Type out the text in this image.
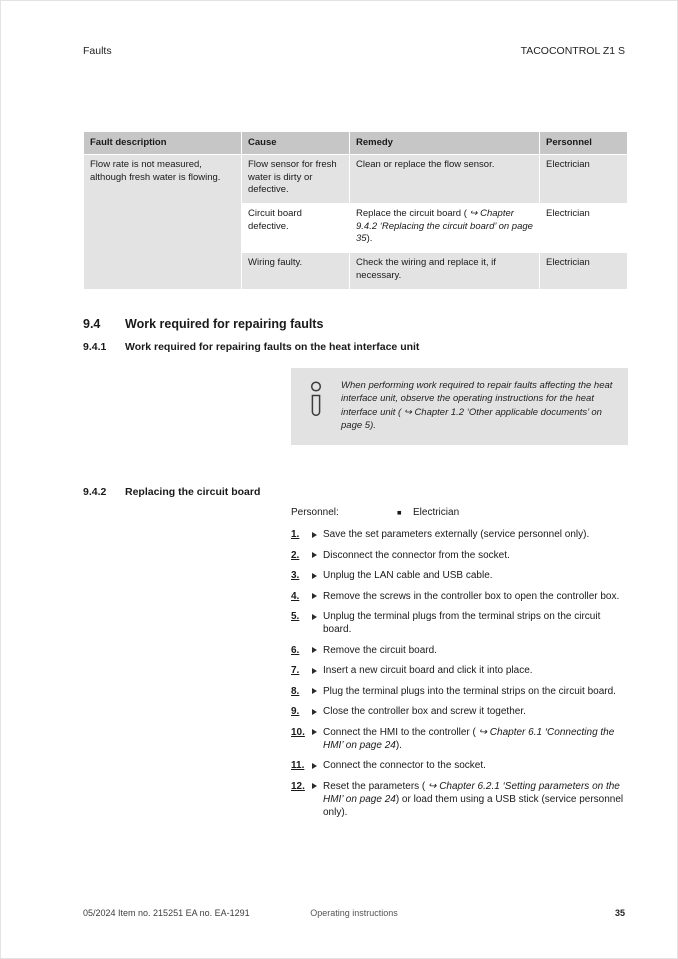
Faults	TACOCONTROL Z1 S
Fault description	Cause	Remedy	Personnel
Flow rate is not measured, although fresh water is flowing.	Flow sensor for fresh water is dirty or defective.	Clean or replace the flow sensor.	Electrician
	Circuit board defective.	Replace the circuit board ( ↪ Chapter 9.4.2 ‘Replacing the circuit board’ on page 35).	Electrician
	Wiring faulty.	Check the wiring and replace it, if necessary.	Electrician
9.4	Work required for repairing faults
9.4.1	Work required for repairing faults on the heat interface unit

When performing work required to repair faults affecting the heat interface unit, observe the operating instructions for the heat interface unit ( ↪ Chapter 1.2 ‘Other applicable documents’ on page 5).

9.4.2	Replacing the circuit board
Personnel:	■	Electrician
1.	Save the set parameters externally (service personnel only).
2.	Disconnect the connector from the socket.
3.	Unplug the LAN cable and USB cable.
4.	Remove the screws in the controller box to open the controller box.
5.	Unplug the terminal plugs from the terminal strips on the circuit board.
6.	Remove the circuit board.
7.	Insert a new circuit board and click it into place.
8.	Plug the terminal plugs into the terminal strips on the circuit board.
9.	Close the controller box and screw it together.
10.	Connect the HMI to the controller ( ↪ Chapter 6.1 ‘Connecting the HMI’ on page 24).
11.	Connect the connector to the socket.
12.	Reset the parameters ( ↪ Chapter 6.2.1 ‘Setting parameters on the HMI’ on page 24) or load them using a USB stick (service personnel only).
05/2024 Item no. 215251 EA no. EA-1291	Operating instructions	35
